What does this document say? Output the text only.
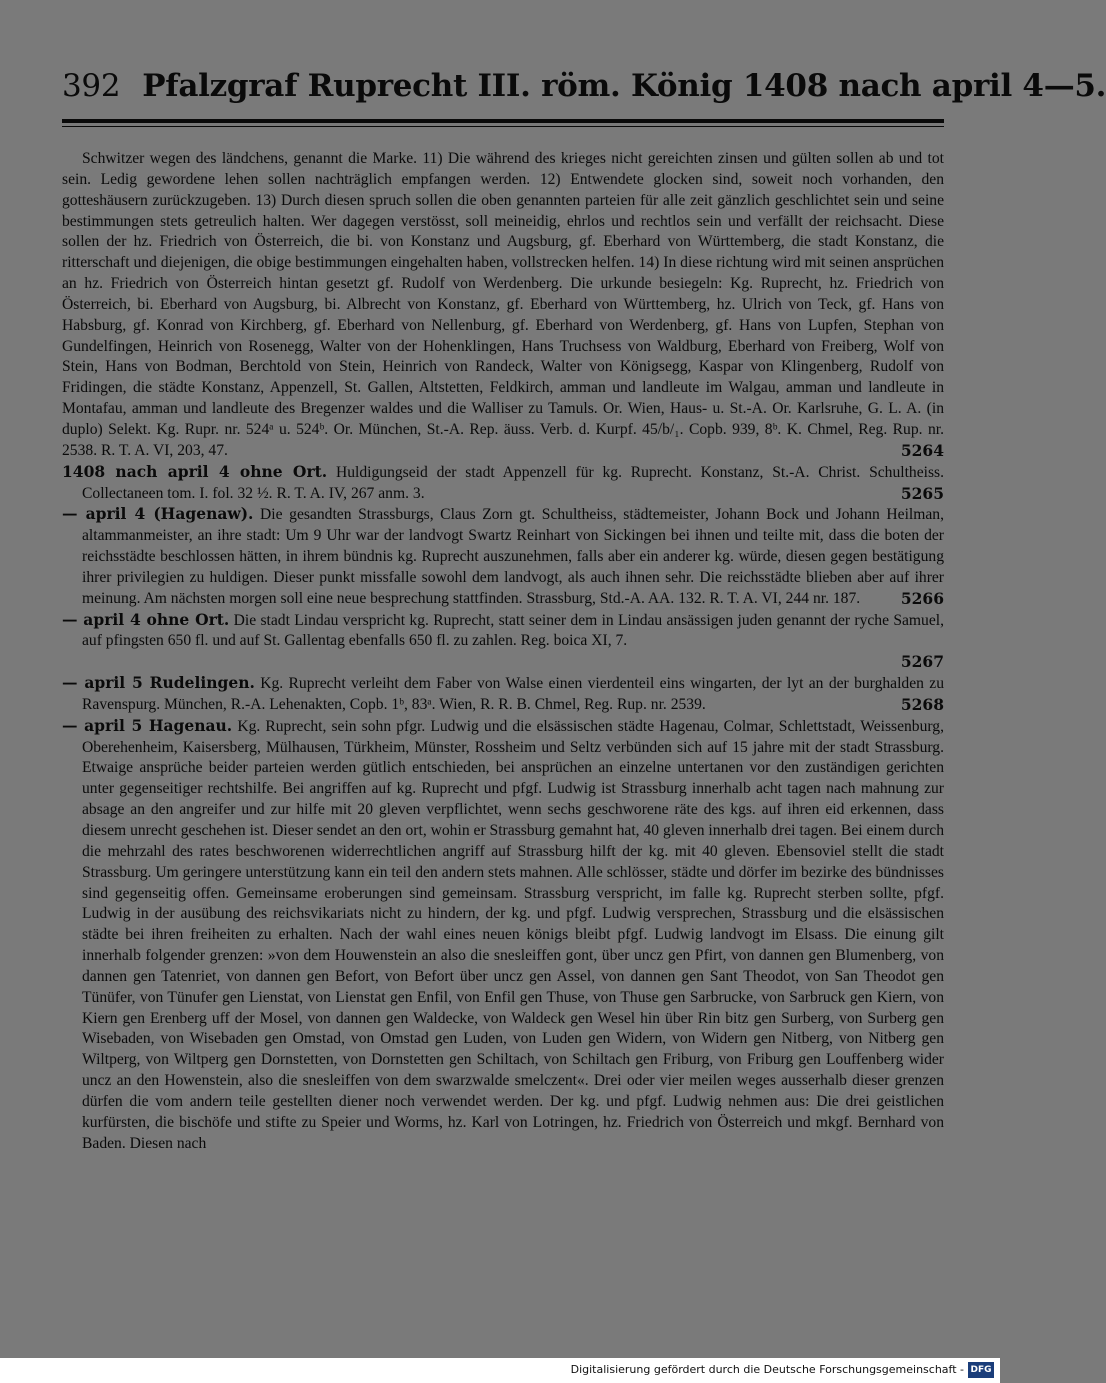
392 Pfalzgraf Ruprecht III. röm. König 1408 nach april 4—5.

Schwitzer wegen des ländchens, genannt die Marke. 11) Die während des krieges nicht gereichten zinsen und gülten sollen ab und tot sein. Ledig gewordene lehen sollen nachträglich empfangen werden. 12) Entwendete glocken sind, soweit noch vorhanden, den gotteshäusern zurückzugeben. 13) Durch diesen spruch sollen die oben genannten parteien für alle zeit gänzlich geschlichtet sein und seine bestimmungen stets getreulich halten. Wer dagegen verstösst, soll meineidig, ehrlos und rechtlos sein und verfällt der reichsacht. Diese sollen der hz. Friedrich von Österreich, die bi. von Konstanz und Augsburg, gf. Eberhard von Württemberg, die stadt Konstanz, die ritterschaft und diejenigen, die obige bestimmungen eingehalten haben, vollstrecken helfen. 14) In diese richtung wird mit seinen ansprüchen an hz. Friedrich von Österreich hintan gesetzt gf. Rudolf von Werdenberg. Die urkunde besiegeln: Kg. Ruprecht, hz. Friedrich von Österreich, bi. Eberhard von Augsburg, bi. Albrecht von Konstanz, gf. Eberhard von Württemberg, hz. Ulrich von Teck, gf. Hans von Habsburg, gf. Konrad von Kirchberg, gf. Eberhard von Nellenburg, gf. Eberhard von Werdenberg, gf. Hans von Lupfen, Stephan von Gundelfingen, Heinrich von Rosenegg, Walter von der Hohenklingen, Hans Truchsess von Waldburg, Eberhard von Freiberg, Wolf von Stein, Hans von Bodman, Berchtold von Stein, Heinrich von Randeck, Walter von Königsegg, Kaspar von Klingenberg, Rudolf von Fridingen, die städte Konstanz, Appenzell, St. Gallen, Altstetten, Feldkirch, amman und landleute im Walgau, amman und landleute in Montafau, amman und landleute des Bregenzer waldes und die Walliser zu Tamuls. Or. Wien, Haus- u. St.-A. Or. Karlsruhe, G. L. A. (in duplo) Selekt. Kg. Rupr. nr. 524ᵃ u. 524ᵇ. Or. München, St.-A. Rep. äuss. Verb. d. Kurpf. 45/b/₁. Copb. 939, 8ᵇ. K. Chmel, Reg. Rup. nr. 2538. R. T. A. VI, 203, 47.	5264

1408 nach april 4 ohne Ort. Huldigungseid der stadt Appenzell für kg. Ruprecht. Konstanz, St.-A. Christ. Schultheiss. Collectaneen tom. I. fol. 32 ½. R. T. A. IV, 267 anm. 3.	5265

— april 4 (Hagenaw). Die gesandten Strassburgs, Claus Zorn gt. Schultheiss, städtemeister, Johann Bock und Johann Heilman, altammanmeister, an ihre stadt: Um 9 Uhr war der landvogt Swartz Reinhart von Sickingen bei ihnen und teilte mit, dass die boten der reichsstädte beschlossen hätten, in ihrem bündnis kg. Ruprecht auszunehmen, falls aber ein anderer kg. würde, diesen gegen bestätigung ihrer privilegien zu huldigen. Dieser punkt missfalle sowohl dem landvogt, als auch ihnen sehr. Die reichsstädte blieben aber auf ihrer meinung. Am nächsten morgen soll eine neue besprechung stattfinden. Strassburg, Std.-A. AA. 132. R. T. A. VI, 244 nr. 187.	5266

— april 4 ohne Ort. Die stadt Lindau verspricht kg. Ruprecht, statt seiner dem in Lindau ansässigen juden genannt der ryche Samuel, auf pfingsten 650 fl. und auf St. Gallentag ebenfalls 650 fl. zu zahlen. Reg. boica XI, 7.

5267

— april 5 Rudelingen. Kg. Ruprecht verleiht dem Faber von Walse einen vierdenteil eins wingarten, der lyt an der burghalden zu Ravenspurg. München, R.-A. Lehenakten, Copb. 1ᵇ, 83ᵃ. Wien, R. R. B. Chmel, Reg. Rup. nr. 2539.	5268

— april 5 Hagenau. Kg. Ruprecht, sein sohn pfgr. Ludwig und die elsässischen städte Hagenau, Colmar, Schlettstadt, Weissenburg, Oberehenheim, Kaisersberg, Mülhausen, Türkheim, Münster, Rossheim und Seltz verbünden sich auf 15 jahre mit der stadt Strassburg. Etwaige ansprüche beider parteien werden gütlich entschieden, bei ansprüchen an einzelne untertanen vor den zuständigen gerichten unter gegenseitiger rechtshilfe. Bei angriffen auf kg. Ruprecht und pfgf. Ludwig ist Strassburg innerhalb acht tagen nach mahnung zur absage an den angreifer und zur hilfe mit 20 gleven verpflichtet, wenn sechs geschworene räte des kgs. auf ihren eid erkennen, dass diesem unrecht geschehen ist. Dieser sendet an den ort, wohin er Strassburg gemahnt hat, 40 gleven innerhalb drei tagen. Bei einem durch die mehrzahl des rates beschworenen widerrechtlichen angriff auf Strassburg hilft der kg. mit 40 gleven. Ebensoviel stellt die stadt Strassburg. Um geringere unterstützung kann ein teil den andern stets mahnen. Alle schlösser, städte und dörfer im bezirke des bündnisses sind gegenseitig offen. Gemeinsame eroberungen sind gemeinsam. Strassburg verspricht, im falle kg. Ruprecht sterben sollte, pfgf. Ludwig in der ausübung des reichsvikariats nicht zu hindern, der kg. und pfgf. Ludwig versprechen, Strassburg und die elsässischen städte bei ihren freiheiten zu erhalten. Nach der wahl eines neuen königs bleibt pfgf. Ludwig landvogt im Elsass. Die einung gilt innerhalb folgender grenzen: »von dem Houwenstein an also die snesleiffen gont, über uncz gen Pfirt, von dannen gen Blumenberg, von dannen gen Tatenriet, von dannen gen Befort, von Befort über uncz gen Assel, von dannen gen Sant Theodot, von San Theodot gen Tünüfer, von Tünufer gen Lienstat, von Lienstat gen Enfil, von Enfil gen Thuse, von Thuse gen Sarbrucke, von Sarbruck gen Kiern, von Kiern gen Erenberg uff der Mosel, von dannen gen Waldecke, von Waldeck gen Wesel hin über Rin bitz gen Surberg, von Surberg gen Wisebaden, von Wisebaden gen Omstad, von Omstad gen Luden, von Luden gen Widern, von Widern gen Nitberg, von Nitberg gen Wiltperg, von Wiltperg gen Dornstetten, von Dornstetten gen Schiltach, von Schiltach gen Friburg, von Friburg gen Louffenberg wider uncz an den Howenstein, also die snesleiffen von dem swarzwalde smelczent«. Drei oder vier meilen weges ausserhalb dieser grenzen dürfen die vom andern teile gestellten diener noch verwendet werden. Der kg. und pfgf. Ludwig nehmen aus: Die drei geistlichen kurfürsten, die bischöfe und stifte zu Speier und Worms, hz. Karl von Lotringen, hz. Friedrich von Österreich und mkgf. Bernhard von Baden. Diesen nach

Digitalisierung gefördert durch die Deutsche Forschungsgemeinschaft - DFG
